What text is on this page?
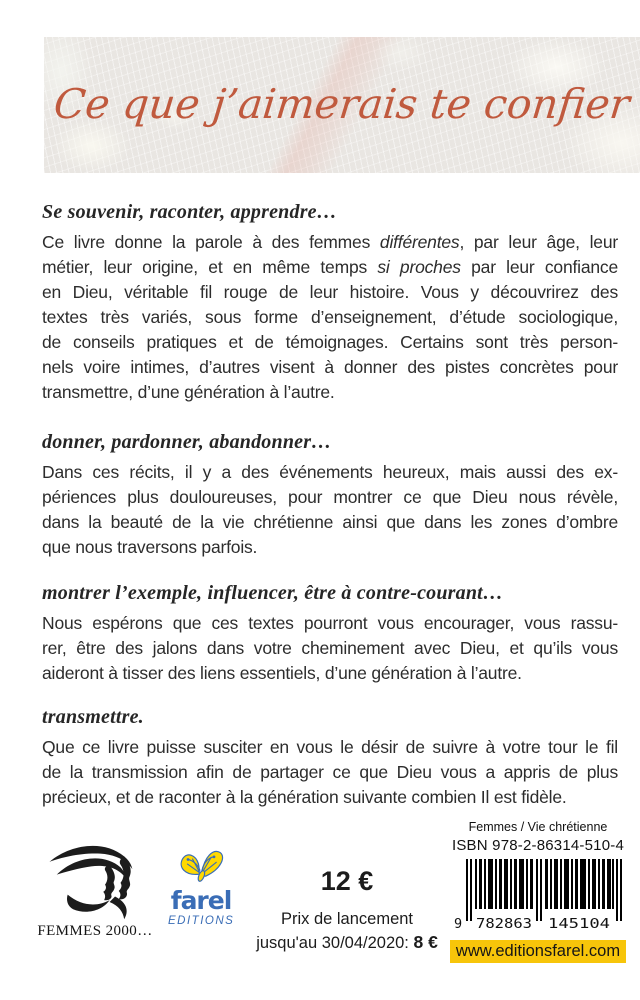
Ce que j’aimerais te confier
Se souvenir, raconter, apprendre…
Ce livre donne la parole à des femmes différentes, par leur âge, leur
métier, leur origine, et en même temps si proches par leur confiance
en Dieu, véritable fil rouge de leur histoire. Vous y découvrirez des
textes très variés, sous forme d’enseignement, d’étude sociologique,
de conseils pratiques et de témoignages. Certains sont très person-
nels voire intimes, d’autres visent à donner des pistes concrètes pour
transmettre, d’une génération à l’autre.
donner, pardonner, abandonner…
Dans ces récits, il y a des événements heureux, mais aussi des ex-
périences plus douloureuses, pour montrer ce que Dieu nous révèle,
dans la beauté de la vie chrétienne ainsi que dans les zones d’ombre
que nous traversons parfois.
montrer l’exemple, influencer, être à contre-courant…
Nous espérons que ces textes pourront vous encourager, vous rassu-
rer, être des jalons dans votre cheminement avec Dieu, et qu’ils vous
aideront à tisser des liens essentiels, d’une génération à l’autre.
transmettre.
Que ce livre puisse susciter en vous le désir de suivre à votre tour le fil
de la transmission afin de partager ce que Dieu vous a appris de plus
précieux, et de raconter à la génération suivante combien Il est fidèle.
FEMMES 2000…
farel
EDITIONS
12 €
Prix de lancement
jusqu'au 30/04/2020: 8 €
Femmes / Vie chrétienne
ISBN 978-2-86314-510-4
9 782863 145104
www.editionsfarel.com
